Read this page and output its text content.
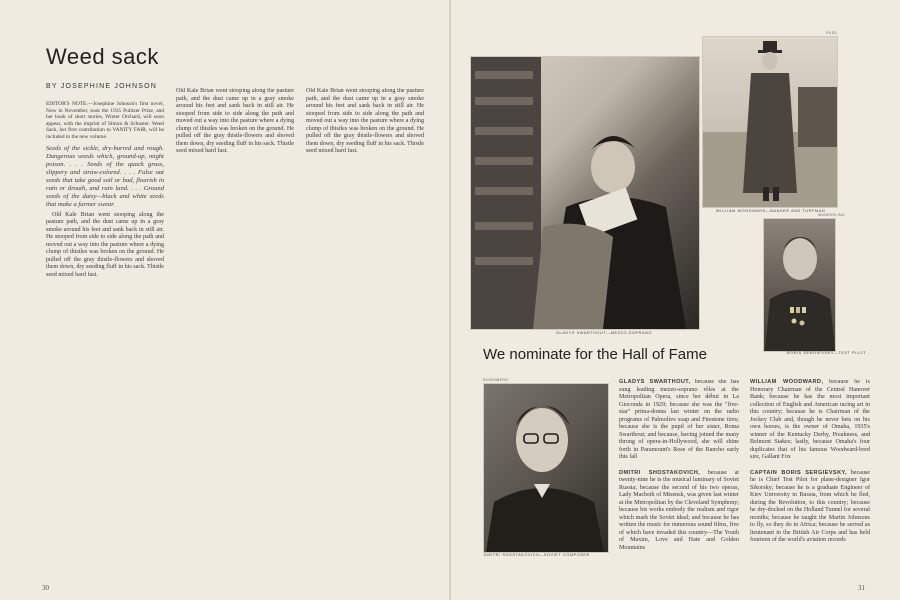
Weed sack
BY JOSEPHINE JOHNSON

EDITOR'S NOTE.—Josephine Johnson's first novel, Now in November, took the 1935 Pulitzer Prize, and her book of short stories, Winter Orchard, will soon appear, with the imprint of Simon & Schuster. Weed Sack, her first contribution to VANITY FAIR, will be included in the new volume.

Seeds of the sickle, dry-burred and rough. Dangerous weeds which, ground-up, might poison. . . . Seeds of the quack grass, slippery and straw-colored. . . . False oat seeds that take good soil or bad, flourish in rain or drouth, and ruin land. . . . Ground seeds of the daisy—black and white seeds that make a farmer swear.

Old Kale Brian went stooping along the pasture path, and the dust came up in a gray smoke around his feet and sank back in still air. He stooped from side to side along the path and moved out a way into the pasture where a dying clump of thistles was broken on the ground. He pulled off the gray thistle-flowers and shoved them down, dry seeding fluff in his sack. Thistle seed mixed hard fast.

Old Kale Brian went stooping along the pasture path, and the dust came up in a gray smoke around his feet and sank back in still air. He stooped from side to side along the path and moved out a way into the pasture where a dying clump of thistles was broken on the ground. He pulled off the gray thistle-flowers and shoved them down, dry seeding fluff in his sack. Thistle seed mixed hard fast.

Old Kale Brian went stooping along the pasture path, and the dust came up in a gray smoke around his feet and sank back in still air. He stooped from side to side along the path and moved out a way into the pasture where a dying clump of thistles was broken on the ground. He pulled off the gray thistle-flowers and shoved them down, dry seeding fluff in his sack. Thistle seed mixed hard fast.

30
GLADYS SWARTHOUT—MEZZO-SOPRANO
RUSS
WILLIAM WOODWARD—BANKER AND TURFMAN
WANDERLING
BORIS SERGIEVSKY—TEST PILOT
We nominate for the Hall of Fame
ROSENBERG
DMITRI SHOSTAKOVICH—SOVIET COMPOSER

GLADYS SWARTHOUT, because she has sung leading mezzo-soprano rôles at the Metropolitan Opera, since her début in La Gioconda in 1929; because she was the "five-star" prima-donna last winter on the radio programs of Palmolive soap and Firestone tires; because she is the pupil of her sister, Roma Swarthout; and because, having joined the many throng of opera-in-Hollywood, she will shine forth in Paramount's Rose of the Rancho early this fall

DMITRI SHOSTAKOVICH, because at twenty-nine he is the musical luminary of Soviet Russia; because the second of his two operas, Lady Macbeth of Mtsensk, was given last winter at the Metropolitan by the Cleveland Symphony; because his works embody the realism and rigor which mark the Soviet ideal; and because he has written the music for numerous sound films, five of which have invaded this country—The Youth of Maxim, Love and Hate and Golden Mountains

WILLIAM WOODWARD, because he is Honorary Chairman of the Central Hanover Bank; because he has the most important collection of English and American racing art in this country; because he is Chairman of the Jockey Club and, though he never bets on his own horses, is the owner of Omaha, 1935's winner of the Kentucky Derby, Preakness, and Belmont Stakes; lastly, because Omaha's four duplicates that of his famous Woodward-bred sire, Gallant Fox

CAPTAIN BORIS SERGIEVSKY, because he is Chief Test Pilot for plane-designer Igor Sikorsky; because he is a graduate Engineer of Kiev University in Russia, from which he fled, during the Revolution, to this country; because he dry-docked on the Holland Tunnel for several months; because he taught the Martin Johnsons to fly, so they do in Africa; because he served as lieutenant in the British Air Corps and has held fourteen of the world's aviation records

31
